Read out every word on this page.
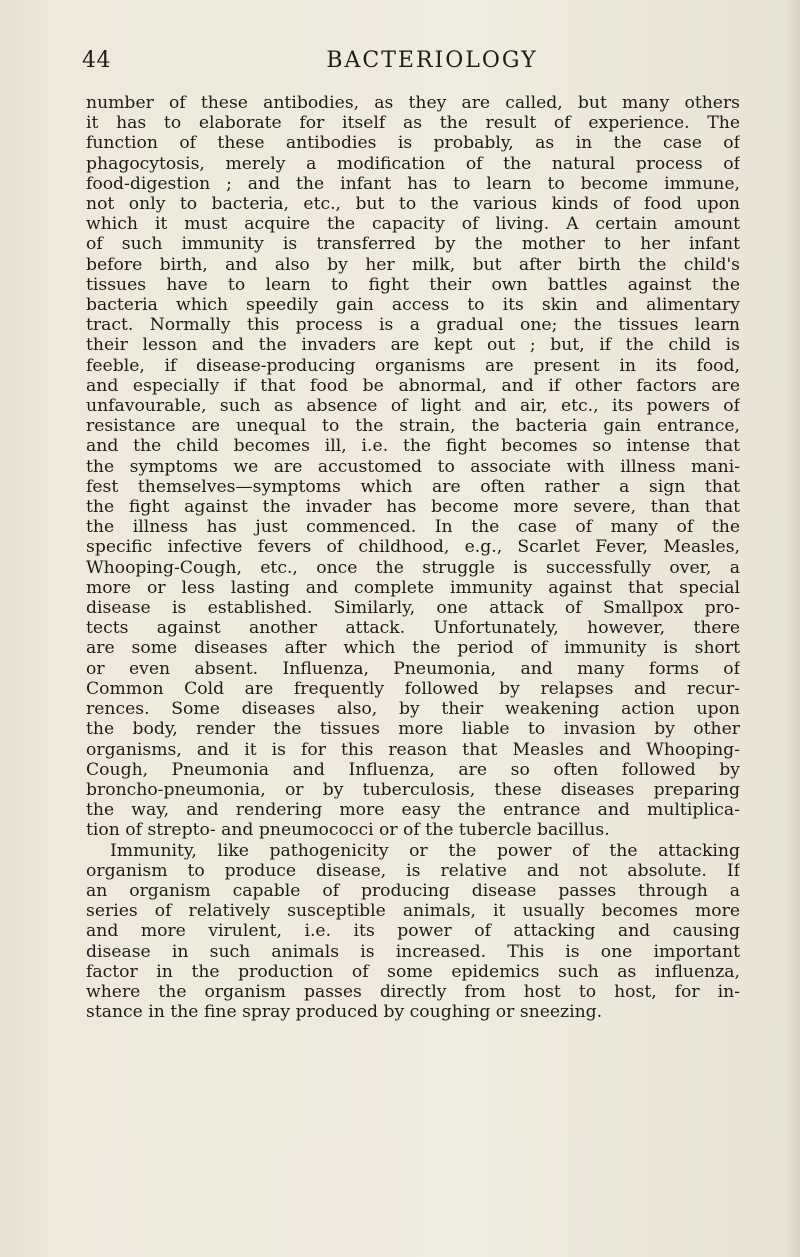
44	BACTERIOLOGY
number of these antibodies, as they are called, but many others
it has to elaborate for itself as the result of experience. The
function of these antibodies is probably, as in the case of
phagocytosis, merely a modification of the natural process of
food-digestion ; and the infant has to learn to become immune,
not only to bacteria, etc., but to the various kinds of food upon
which it must acquire the capacity of living. A certain amount
of such immunity is transferred by the mother to her infant
before birth, and also by her milk, but after birth the child's
tissues have to learn to fight their own battles against the
bacteria which speedily gain access to its skin and alimentary
tract. Normally this process is a gradual one; the tissues learn
their lesson and the invaders are kept out ; but, if the child is
feeble, if disease-producing organisms are present in its food,
and especially if that food be abnormal, and if other factors are
unfavourable, such as absence of light and air, etc., its powers of
resistance are unequal to the strain, the bacteria gain entrance,
and the child becomes ill, i.e. the fight becomes so intense that
the symptoms we are accustomed to associate with illness mani-
fest themselves—symptoms which are often rather a sign that
the fight against the invader has become more severe, than that
the illness has just commenced. In the case of many of the
specific infective fevers of childhood, e.g., Scarlet Fever, Measles,
Whooping-Cough, etc., once the struggle is successfully over, a
more or less lasting and complete immunity against that special
disease is established. Similarly, one attack of Smallpox pro-
tects against another attack. Unfortunately, however, there
are some diseases after which the period of immunity is short
or even absent. Influenza, Pneumonia, and many forms of
Common Cold are frequently followed by relapses and recur-
rences. Some diseases also, by their weakening action upon
the body, render the tissues more liable to invasion by other
organisms, and it is for this reason that Measles and Whooping-
Cough, Pneumonia and Influenza, are so often followed by
broncho-pneumonia, or by tuberculosis, these diseases preparing
the way, and rendering more easy the entrance and multiplica-
tion of strepto- and pneumococci or of the tubercle bacillus.
Immunity, like pathogenicity or the power of the attacking
organism to produce disease, is relative and not absolute. If
an organism capable of producing disease passes through a
series of relatively susceptible animals, it usually becomes more
and more virulent, i.e. its power of attacking and causing
disease in such animals is increased. This is one important
factor in the production of some epidemics such as influenza,
where the organism passes directly from host to host, for in-
stance in the fine spray produced by coughing or sneezing.
